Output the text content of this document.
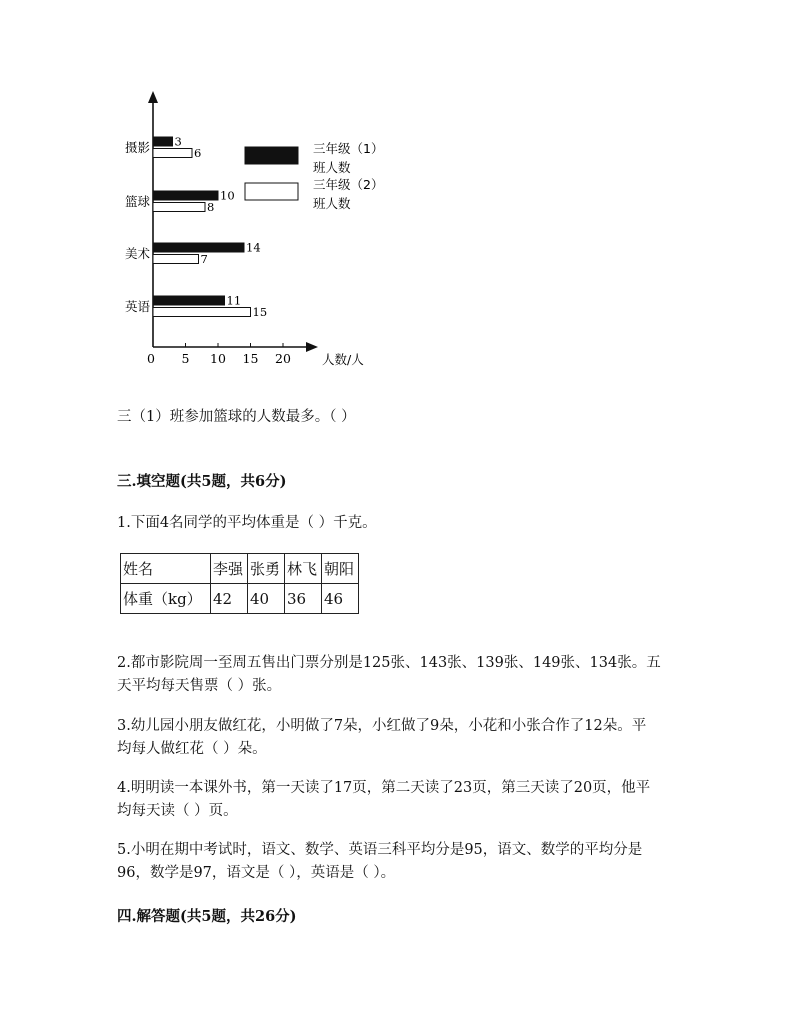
0 5 10 15 20 人数/人
摄影 3
6
篮球	10
8
美术	14
7
英语	11
15
三年级（1）
班人数
三年级（2）
班人数
三（1）班参加篮球的人数最多。（ ）
三.填空题(共5题，共6分)
1.下面4名同学的平均体重是（ ）千克。
姓名	李强	张勇	林飞	朝阳
体重（kg）	42	40	36	46
2.都市影院周一至周五售出门票分别是125张、143张、139张、149张、134张。五
天平均每天售票（ ）张。
3.幼儿园小朋友做红花，小明做了7朵，小红做了9朵，小花和小张合作了12朵。平
均每人做红花（ ）朵。
4.明明读一本课外书，第一天读了17页，第二天读了23页，第三天读了20页，他平
均每天读（ ）页。
5.小明在期中考试时，语文、数学、英语三科平均分是95，语文、数学的平均分是
96，数学是97，语文是（ ），英语是（ ）。
四.解答题(共5题，共26分)
